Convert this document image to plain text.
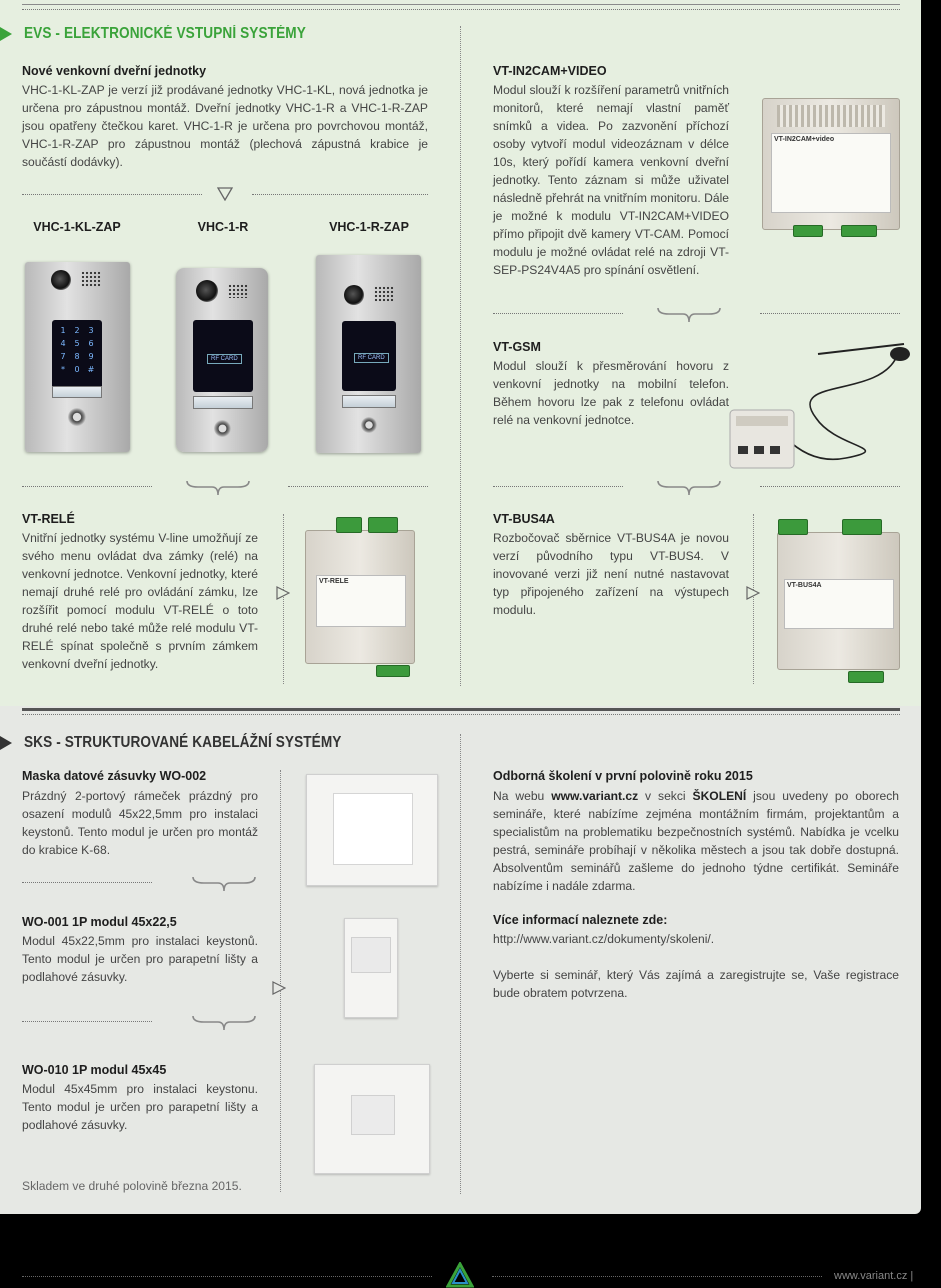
EVS - ELEKTRONICKÉ VSTUPNÍ SYSTÉMY
Nové venkovní dveřní jednotky
VHC-1-KL-ZAP je verzí již prodávané jednotky VHC-1-KL, nová jednotka je určena pro zápustnou montáž. Dveřní jednotky VHC-1-R a VHC-1-R-ZAP jsou opatřeny čtečkou karet. VHC-1-R je určena pro povrchovou montáž, VHC-1-R-ZAP pro zápustnou montáž (plechová zápustná krabice je součástí dodávky).
VHC-1-KL-ZAP	VHC-1-R	VHC-1-R-ZAP
1	2	3
4	5	6
7	8	9
*	0	#
RF CARD	RF CARD
VT-RELÉ
Vnitřní jednotky systému V-line umožňují ze svého menu ovládat dva zámky (relé) na venkovní jednotce. Venkovní jednotky, které nemají druhé relé pro ovládání zámku, lze rozšířit pomocí modulu VT-RELÉ o toto druhé relé nebo také může relé modulu VT-RELÉ spínat společně s prvním zámkem venkovní dveřní jednotky.
VT-RELE
VT-IN2CAM+VIDEO
Modul slouží k rozšíření parametrů vnitřních monitorů, které nemají vlastní paměť snímků a videa. Po zazvonění příchozí osoby vytvoří modul videozáznam v délce 10s, který pořídí kamera venkovní dveřní jednotky. Tento záznam si může uživatel následně přehrát na vnitřním monitoru. Dále je možné k modulu VT-IN2CAM+VIDEO přímo připojit dvě kamery VT-CAM. Pomocí modulu je možné ovládat relé na zdroji VT-SEP-PS24V4A5 pro spínání osvětlení.
VT-IN2CAM+video
VT-GSM
Modul slouží k přesměrování hovoru z venkovní jednotky na mobilní telefon. Během hovoru lze pak z telefonu ovládat relé na venkovní jednotce.
VT-BUS4A
Rozbočovač sběrnice VT-BUS4A je novou verzí původního typu VT-BUS4. V inovované verzi již není nutné nastavovat typ připojeného zařízení na výstupech modulu.
VT-BUS4A
SKS - STRUKTUROVANÉ KABELÁŽNÍ SYSTÉMY
Maska datové zásuvky WO-002
Prázdný 2-portový rámeček prázdný pro osazení modulů 45x22,5mm pro instalaci keystonů. Tento modul je určen pro montáž do krabice K-68.
WO-001 1P modul 45x22,5
Modul 45x22,5mm pro instalaci keystonů. Tento modul je určen pro parapetní lišty a podlahové zásuvky.
WO-010 1P modul 45x45
Modul 45x45mm pro instalaci keystonu. Tento modul je určen pro parapetní lišty a podlahové zásuvky.
Skladem ve druhé polovině března 2015.
Odborná školení v první polovině roku 2015
Na webu www.variant.cz v sekci ŠKOLENÍ jsou uvedeny po oborech semináře, které nabízíme zejména montážním firmám, projektantům a specialistům na problematiku bezpečnostních systémů. Nabídka je vcelku pestrá, semináře probíhají v několika městech a jsou tak dobře dostupná. Absolventům seminářů zašleme do jednoho týdne certifikát. Semináře nabízíme i nadále zdarma.
Více informací naleznete zde:
http://www.variant.cz/dokumenty/skoleni/.
Vyberte si seminář, který Vás zajímá a zaregistrujte se, Vaše registrace bude obratem potvrzena.
www.variant.cz |
